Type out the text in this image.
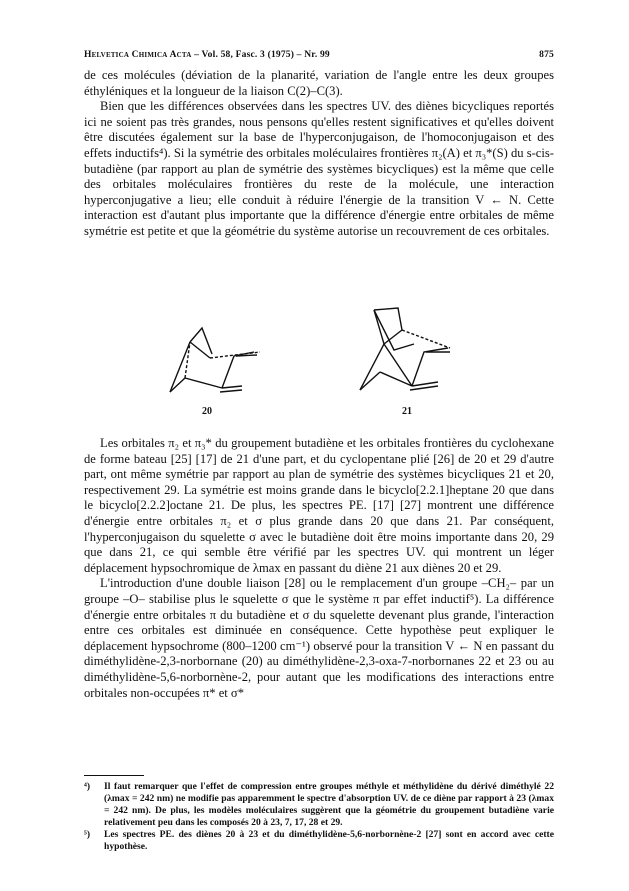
Helvetica Chimica Acta – Vol. 58, Fasc. 3 (1975) – Nr. 99	875

de ces molécules (déviation de la planarité, variation de l'angle entre les deux groupes éthyléniques et la longueur de la liaison C(2)–C(3).

Bien que les différences observées dans les spectres UV. des diènes bicycliques reportés ici ne soient pas très grandes, nous pensons qu'elles restent significatives et qu'elles doivent être discutées également sur la base de l'hyperconjugaison, de l'homoconjugaison et des effets inductifs⁴). Si la symétrie des orbitales moléculaires frontières π₂(A) et π₃*(S) du s-cis-butadiène (par rapport au plan de symétrie des systèmes bicycliques) est la même que celle des orbitales moléculaires frontières du reste de la molécule, une interaction hyperconjugative a lieu; elle conduit à réduire l'énergie de la transition V ← N. Cette interaction est d'autant plus importante que la différence d'énergie entre orbitales de même symétrie est petite et que la géométrie du système autorise un recouvrement de ces orbitales.

20	21

Les orbitales π₂ et π₃* du groupement butadiène et les orbitales frontières du cyclohexane de forme bateau [25] [17] de 21 d'une part, et du cyclopentane plié [26] de 20 et 29 d'autre part, ont même symétrie par rapport au plan de symétrie des systèmes bicycliques 21 et 20, respectivement 29. La symétrie est moins grande dans le bicyclo[2.2.1]heptane 20 que dans le bicyclo[2.2.2]octane 21. De plus, les spectres PE. [17] [27] montrent une différence d'énergie entre orbitales π₂ et σ plus grande dans 20 que dans 21. Par conséquent, l'hyperconjugaison du squelette σ avec le butadiène doit être moins importante dans 20, 29 que dans 21, ce qui semble être vérifié par les spectres UV. qui montrent un léger déplacement hypsochromique de λmax en passant du diène 21 aux diènes 20 et 29.

L'introduction d'une double liaison [28] ou le remplacement d'un groupe –CH₂– par un groupe –O– stabilise plus le squelette σ que le système π par effet inductif⁵). La différence d'énergie entre orbitales π du butadiène et σ du squelette devenant plus grande, l'interaction entre ces orbitales est diminuée en conséquence. Cette hypothèse peut expliquer le déplacement hypsochrome (800–1200 cm⁻¹) observé pour la transition V ← N en passant du diméthylidène-2,3-norbornane (20) au diméthylidène-2,3-oxa-7-norbornanes 22 et 23 ou au diméthylidène-5,6-norbornène-2, pour autant que les modifications des interactions entre orbitales non-occupées π* et σ*

⁴)	Il faut remarquer que l'effet de compression entre groupes méthyle et méthylidène du dérivé diméthylé 22 (λmax = 242 nm) ne modifie pas apparemment le spectre d'absorption UV. de ce diène par rapport à 23 (λmax = 242 nm). De plus, les modèles moléculaires suggèrent que la géométrie du groupement butadiène varie relativement peu dans les composés 20 à 23, 7, 17, 28 et 29.
⁵)	Les spectres PE. des diènes 20 à 23 et du diméthylidène-5,6-norbornène-2 [27] sont en accord avec cette hypothèse.
